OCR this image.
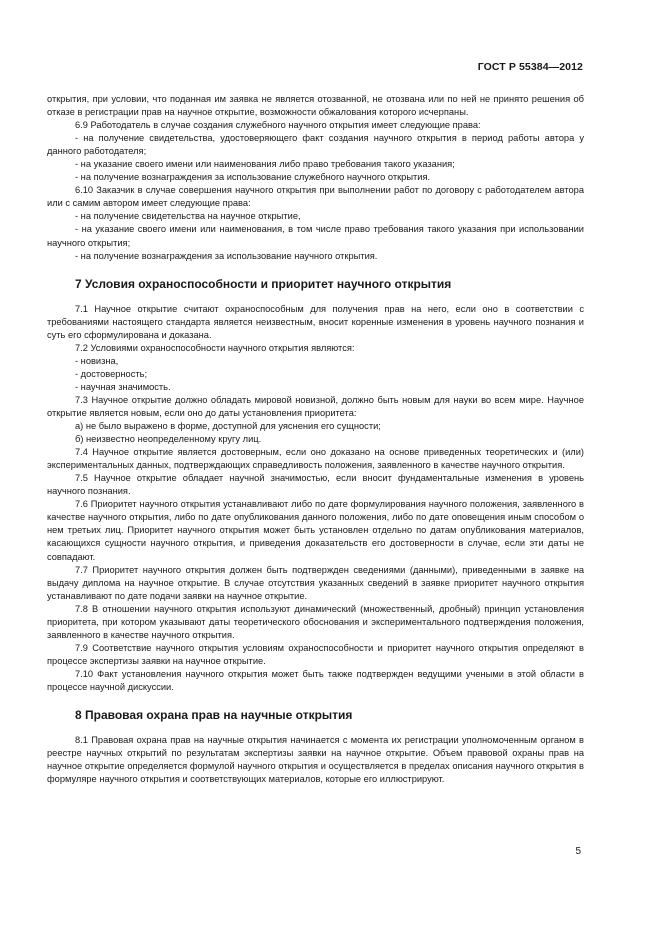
ГОСТ Р 55384—2012

открытия, при условии, что поданная им заявка не является отозванной, не отозвана или по ней не принято решения об отказе в регистрации прав на научное открытие, возможности обжалования которого исчерпаны.

6.9 Работодатель в случае создания служебного научного открытия имеет следующие права:

- на получение свидетельства, удостоверяющего факт создания научного открытия в период работы автора у данного работодателя;

- на указание своего имени или наименования либо право требования такого указания;

- на получение вознаграждения за использование служебного научного открытия.

6.10 Заказчик в случае совершения научного открытия при выполнении работ по договору с работодателем автора или с самим автором имеет следующие права:

- на получение свидетельства на научное открытие,

- на указание своего имени или наименования, в том числе право требования такого указания при использовании научного открытия;

- на получение вознаграждения за использование научного открытия.

7 Условия охраноспособности и приоритет научного открытия

7.1 Научное открытие считают охраноспособным для получения прав на него, если оно в соответствии с требованиями настоящего стандарта является неизвестным, вносит коренные изменения в уровень научного познания и суть его сформулирована и доказана.

7.2 Условиями охраноспособности научного открытия являются:

- новизна,

- достоверность;

- научная значимость.

7.3 Научное открытие должно обладать мировой новизной, должно быть новым для науки во всем мире. Научное открытие является новым, если оно до даты установления приоритета:

а) не было выражено в форме, доступной для уяснения его сущности;

б) неизвестно неопределенному кругу лиц.

7.4 Научное открытие является достоверным, если оно доказано на основе приведенных теоретических и (или) экспериментальных данных, подтверждающих справедливость положения, заявленного в качестве научного открытия.

7.5 Научное открытие обладает научной значимостью, если вносит фундаментальные изменения в уровень научного познания.

7.6 Приоритет научного открытия устанавливают либо по дате формулирования научного положения, заявленного в качестве научного открытия, либо по дате опубликования данного положения, либо по дате оповещения иным способом о нем третьих лиц. Приоритет научного открытия может быть установлен отдельно по датам опубликования материалов, касающихся сущности научного открытия, и приведения доказательств его достоверности в случае, если эти даты не совпадают.

7.7 Приоритет научного открытия должен быть подтвержден сведениями (данными), приведенными в заявке на выдачу диплома на научное открытие. В случае отсутствия указанных сведений в заявке приоритет научного открытия устанавливают по дате подачи заявки на научное открытие.

7.8 В отношении научного открытия используют динамический (множественный, дробный) принцип установления приоритета, при котором указывают даты теоретического обоснования и экспериментального подтверждения положения, заявленного в качестве научного открытия.

7.9 Соответствие научного открытия условиям охраноспособности и приоритет научного открытия определяют в процессе экспертизы заявки на научное открытие.

7.10 Факт установления научного открытия может быть также подтвержден ведущими учеными в этой области в процессе научной дискуссии.

8 Правовая охрана прав на научные открытия

8.1 Правовая охрана прав на научные открытия начинается с момента их регистрации уполномоченным органом в реестре научных открытий по результатам экспертизы заявки на научное открытие. Объем правовой охраны прав на научное открытие определяется формулой научного открытия и осуществляется в пределах описания научного открытия в формуляре научного открытия и соответствующих материалов, которые его иллюстрируют.

5
